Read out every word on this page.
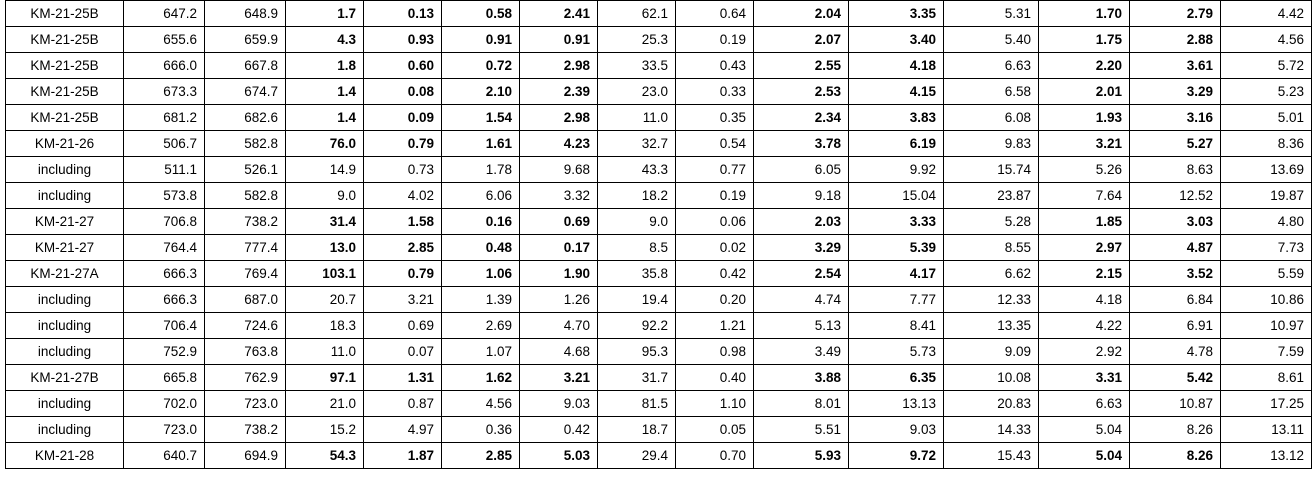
KM-21-25B	647.2	648.9	1.7	0.13	0.58	2.41	62.1	0.64	2.04	3.35	5.31	1.70	2.79	4.42
KM-21-25B	655.6	659.9	4.3	0.93	0.91	0.91	25.3	0.19	2.07	3.40	5.40	1.75	2.88	4.56
KM-21-25B	666.0	667.8	1.8	0.60	0.72	2.98	33.5	0.43	2.55	4.18	6.63	2.20	3.61	5.72
KM-21-25B	673.3	674.7	1.4	0.08	2.10	2.39	23.0	0.33	2.53	4.15	6.58	2.01	3.29	5.23
KM-21-25B	681.2	682.6	1.4	0.09	1.54	2.98	11.0	0.35	2.34	3.83	6.08	1.93	3.16	5.01
KM-21-26	506.7	582.8	76.0	0.79	1.61	4.23	32.7	0.54	3.78	6.19	9.83	3.21	5.27	8.36
including	511.1	526.1	14.9	0.73	1.78	9.68	43.3	0.77	6.05	9.92	15.74	5.26	8.63	13.69
including	573.8	582.8	9.0	4.02	6.06	3.32	18.2	0.19	9.18	15.04	23.87	7.64	12.52	19.87
KM-21-27	706.8	738.2	31.4	1.58	0.16	0.69	9.0	0.06	2.03	3.33	5.28	1.85	3.03	4.80
KM-21-27	764.4	777.4	13.0	2.85	0.48	0.17	8.5	0.02	3.29	5.39	8.55	2.97	4.87	7.73
KM-21-27A	666.3	769.4	103.1	0.79	1.06	1.90	35.8	0.42	2.54	4.17	6.62	2.15	3.52	5.59
including	666.3	687.0	20.7	3.21	1.39	1.26	19.4	0.20	4.74	7.77	12.33	4.18	6.84	10.86
including	706.4	724.6	18.3	0.69	2.69	4.70	92.2	1.21	5.13	8.41	13.35	4.22	6.91	10.97
including	752.9	763.8	11.0	0.07	1.07	4.68	95.3	0.98	3.49	5.73	9.09	2.92	4.78	7.59
KM-21-27B	665.8	762.9	97.1	1.31	1.62	3.21	31.7	0.40	3.88	6.35	10.08	3.31	5.42	8.61
including	702.0	723.0	21.0	0.87	4.56	9.03	81.5	1.10	8.01	13.13	20.83	6.63	10.87	17.25
including	723.0	738.2	15.2	4.97	0.36	0.42	18.7	0.05	5.51	9.03	14.33	5.04	8.26	13.11
KM-21-28	640.7	694.9	54.3	1.87	2.85	5.03	29.4	0.70	5.93	9.72	15.43	5.04	8.26	13.12
